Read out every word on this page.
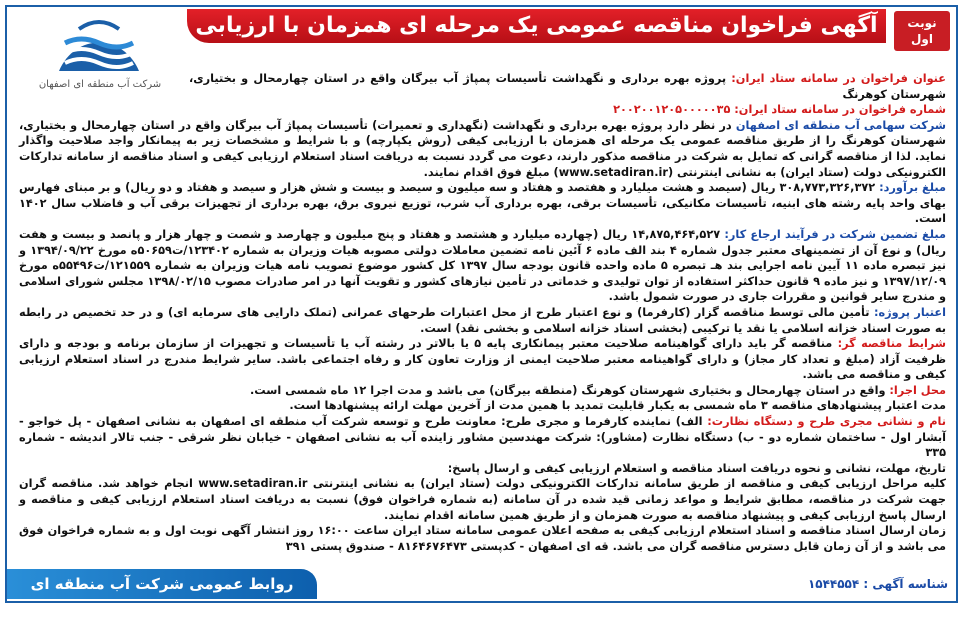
آگهی فراخوان مناقصه عمومی یک مرحله ای همزمان با ارزیابی کیفی (روش یکپارچه)
نوبت
اول
شرکت آب منطقه ای اصفهان	عنوان فراخوان در سامانه ستاد ایران: پروژه بهره برداری و نگهداشت تأسیسات پمپاژ آب بیرگان واقع در استان چهارمحال و بختیاری، شهرستان کوهرنگ

شماره فراخوان در سامانه ستاد ایران: ۲۰۰۲۰۰۱۲۰۵۰۰۰۰۰۳۵

شرکت سهامی آب منطقه ای اصفهان در نظر دارد پروژه بهره برداری و نگهداشت (نگهداری و تعمیرات) تأسیسات پمپاژ آب بیرگان واقع در استان چهارمحال و بختیاری، شهرستان کوهرنگ را از طریق مناقصه عمومی یک مرحله ای همزمان با ارزیابی کیفی (روش یکپارچه) و با شرایط و مشخصات زیر به پیمانکار واجد صلاحیت واگذار نماید. لذا از مناقصه گرانی که تمایل به شرکت در مناقصه مذکور دارند، دعوت می گردد نسبت به دریافت اسناد استعلام ارزیابی کیفی و اسناد مناقصه از سامانه تدارکات الکترونیکی دولت (ستاد ایران) به نشانی اینترنتی (www.setadiran.ir) مبلغ فوق اقدام نمایند.

مبلغ برآورد: ۳۰۸,۷۷۳,۳۲۶,۳۷۲ ریال (سیصد و هشت میلیارد و هفتصد و هفتاد و سه میلیون و سیصد و بیست و شش هزار و سیصد و هفتاد و دو ریال) و بر مبنای فهارس بهای واحد پایه رشته های ابنیه، تأسیسات مکانیکی، تأسیسات برقی، بهره برداری آب شرب، توزیع نیروی برق، بهره برداری از تجهیزات برقی آب و فاضلاب سال ۱۴۰۲ است.

مبلغ تضمین شرکت در فرآیند ارجاع کار: ۱۴,۸۷۵,۴۶۴,۵۲۷ ریال (چهارده میلیارد و هشتصد و هفتاد و پنج میلیون و چهارصد و شصت و چهار هزار و پانصد و بیست و هفت ریال) و نوع آن از تضمینهای معتبر جدول شماره ۴ بند الف ماده ۶ آئین نامه تضمین معاملات دولتی مصوبه هیات وزیران به شماره ۱۲۳۴۰۲/ت۵۰۶۵۹ه مورخ ۱۳۹۴/۰۹/۲۲ و نیز تبصره ماده ۱۱ آیین نامه اجرایی بند هـ تبصره ۵ ماده واحده قانون بودجه سال ۱۳۹۷ کل کشور موضوع تصویب نامه هیات وزیران به شماره ۱۲۱۵۵۹/ت۵۵۴۹۶ه مورخ ۱۳۹۷/۱۲/۰۹ و نیز ماده ۹ قانون حداکثر استفاده از توان تولیدی و خدماتی در تأمین نیازهای کشور و تقویت آنها در امر صادرات مصوب ۱۳۹۸/۰۲/۱۵ مجلس شورای اسلامی و مندرج سایر قوانین و مقررات جاری در صورت شمول باشد.

اعتبار پروژه: تأمین مالی توسط مناقصه گزار (کارفرما) و نوع اعتبار طرح از محل اعتبارات طرحهای عمرانی (تملک دارایی های سرمایه ای) و در حد تخصیص در رابطه به صورت اسناد خزانه اسلامی یا نقد یا ترکیبی (بخشی اسناد خزانه اسلامی و بخشی نقد) است.

شرایط مناقصه گر: مناقصه گر باید دارای گواهینامه صلاحیت معتبر پیمانکاری پایه ۵ یا بالاتر در رشته آب یا تأسیسات و تجهیزات از سازمان برنامه و بودجه و دارای ظرفیت آزاد (مبلغ و تعداد کار مجاز) و دارای گواهینامه معتبر صلاحیت ایمنی از وزارت تعاون کار و رفاه اجتماعی باشد. سایر شرایط مندرج در اسناد استعلام ارزیابی کیفی و مناقصه می باشد.

محل اجرا: واقع در استان چهارمحال و بختیاری شهرستان کوهرنگ (منطقه بیرگان) می باشد و مدت اجرا ۱۲ ماه شمسی است.

مدت اعتبار پیشنهادهای مناقصه ۳ ماه شمسی به یکبار قابلیت تمدید با همین مدت از آخرین مهلت ارائه پیشنهادها است.

نام و نشانی مجری طرح و دستگاه نظارت: الف) نماینده کارفرما و مجری طرح: معاونت طرح و توسعه شرکت آب منطقه ای اصفهان به نشانی اصفهان - پل خواجو - آبشار اول - ساختمان شماره دو - ب) دستگاه نظارت (مشاور): شرکت مهندسین مشاور زاینده آب به نشانی اصفهان - خیابان نظر شرقی - جنب تالار اندیشه - شماره ۳۳۵

تاریخ، مهلت، نشانی و نحوه دریافت اسناد مناقصه و استعلام ارزیابی کیفی و ارسال پاسخ:

کلیه مراحل ارزیابی کیفی و مناقصه از طریق سامانه تدارکات الکترونیکی دولت (ستاد ایران) به نشانی اینترنتی www.setadiran.ir انجام خواهد شد. مناقصه گران جهت شرکت در مناقصه، مطابق شرایط و مواعد زمانی قید شده در آن سامانه (به شماره فراخوان فوق) نسبت به دریافت اسناد استعلام ارزیابی کیفی و مناقصه و ارسال پاسخ ارزیابی کیفی و پیشنهاد مناقصه به صورت همزمان و از طریق همین سامانه اقدام نمایند.

زمان ارسال اسناد مناقصه و اسناد استعلام ارزیابی کیفی به صفحه اعلان عمومی سامانه ستاد ایران ساعت ۱۶:۰۰ روز انتشار آگهی نوبت اول و به شماره فراخوان فوق می باشد و از آن زمان قابل دسترس مناقصه گران می باشد. قه ای اصفهان - کدپستی ۸۱۶۴۶۷۶۴۷۳ - صندوق پستی ۳۹۱

روابط عمومی شرکت آب منطقه ای اصفهان
شناسه آگهی : ۱۵۴۴۵۵۴
